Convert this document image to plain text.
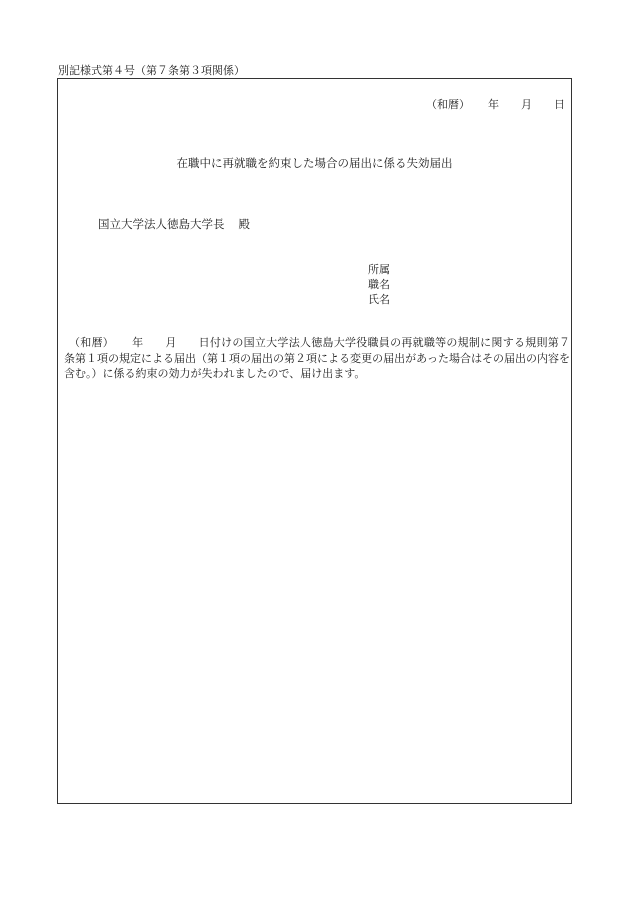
別記様式第４号（第７条第３項関係）
（和暦） 年 月 日
在職中に再就職を約束した場合の届出に係る失効届出
国立大学法人徳島大学長 殿
所属
職名
氏名
（和暦） 年 月 日付けの国立大学法人徳島大学役職員の再就職等の規制に関する規則第７条第１項の規定による届出（第１項の届出の第２項による変更の届出があった場合はその届出の内容を含む。）に係る約束の効力が失われましたので、届け出ます。
